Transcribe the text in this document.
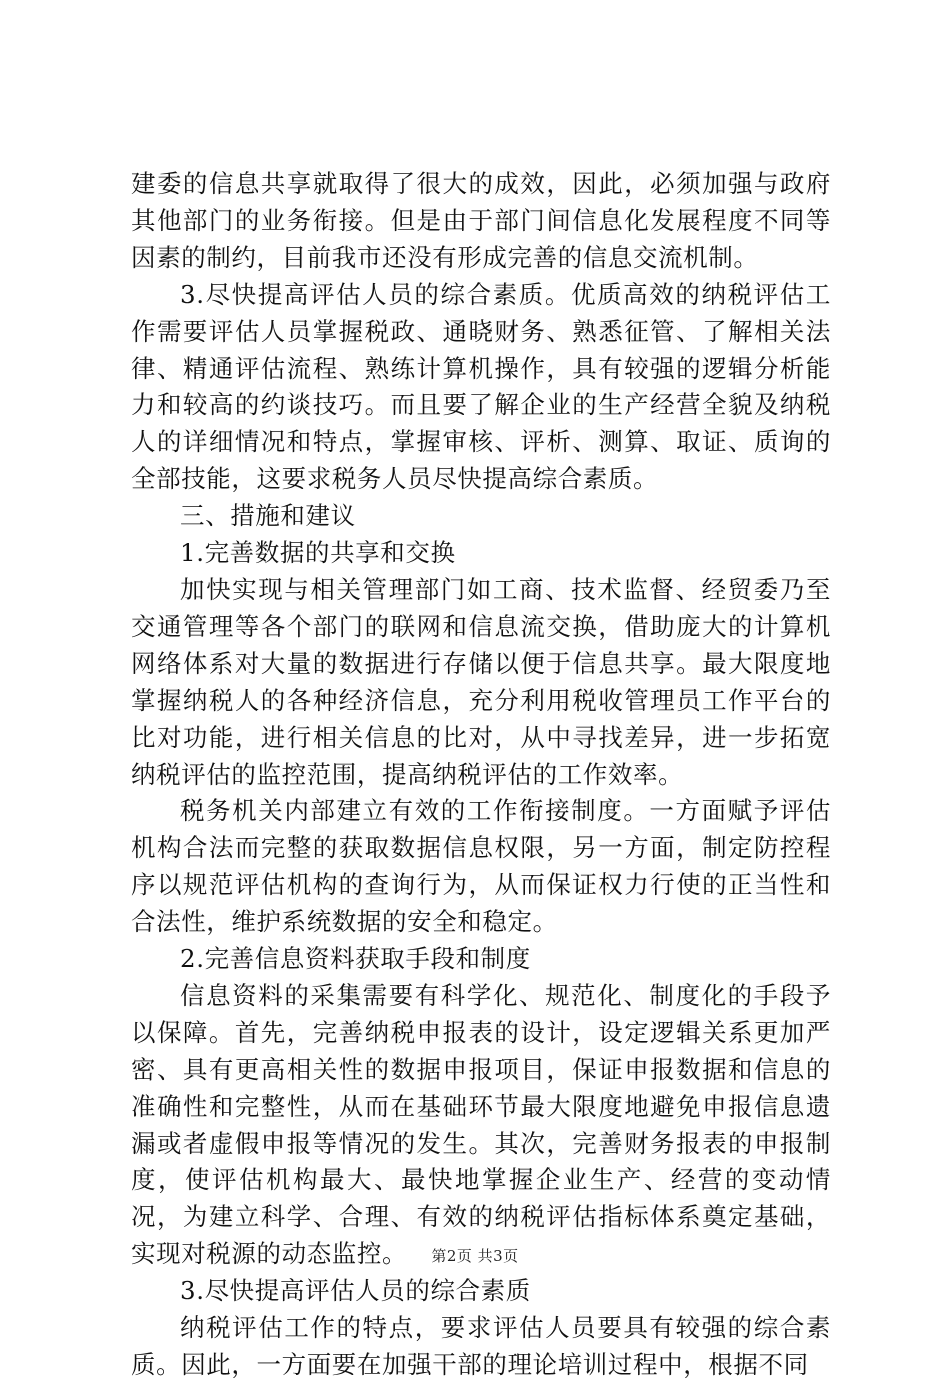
建委的信息共享就取得了很大的成效，因此，必须加强与政府其他部门的业务衔接。但是由于部门间信息化发展程度不同等因素的制约，目前我市还没有形成完善的信息交流机制。

3.尽快提高评估人员的综合素质。优质高效的纳税评估工作需要评估人员掌握税政、通晓财务、熟悉征管、了解相关法律、精通评估流程、熟练计算机操作，具有较强的逻辑分析能力和较高的约谈技巧。而且要了解企业的生产经营全貌及纳税人的详细情况和特点，掌握审核、评析、测算、取证、质询的全部技能，这要求税务人员尽快提高综合素质。

三、措施和建议

1.完善数据的共享和交换

加快实现与相关管理部门如工商、技术监督、经贸委乃至交通管理等各个部门的联网和信息流交换，借助庞大的计算机网络体系对大量的数据进行存储以便于信息共享。最大限度地掌握纳税人的各种经济信息，充分利用税收管理员工作平台的比对功能，进行相关信息的比对，从中寻找差异，进一步拓宽纳税评估的监控范围，提高纳税评估的工作效率。

税务机关内部建立有效的工作衔接制度。一方面赋予评估机构合法而完整的获取数据信息权限，另一方面，制定防控程序以规范评估机构的查询行为，从而保证权力行使的正当性和合法性，维护系统数据的安全和稳定。

2.完善信息资料获取手段和制度

信息资料的采集需要有科学化、规范化、制度化的手段予以保障。首先，完善纳税申报表的设计，设定逻辑关系更加严密、具有更高相关性的数据申报项目，保证申报数据和信息的准确性和完整性，从而在基础环节最大限度地避免申报信息遗漏或者虚假申报等情况的发生。其次，完善财务报表的申报制度，使评估机构最大、最快地掌握企业生产、经营的变动情况，为建立科学、合理、有效的纳税评估指标体系奠定基础，实现对税源的动态监控。

3.尽快提高评估人员的综合素质

纳税评估工作的特点，要求评估人员要具有较强的综合素质。因此，一方面要在加强干部的理论培训过程中，根据不同

第2页 共3页
